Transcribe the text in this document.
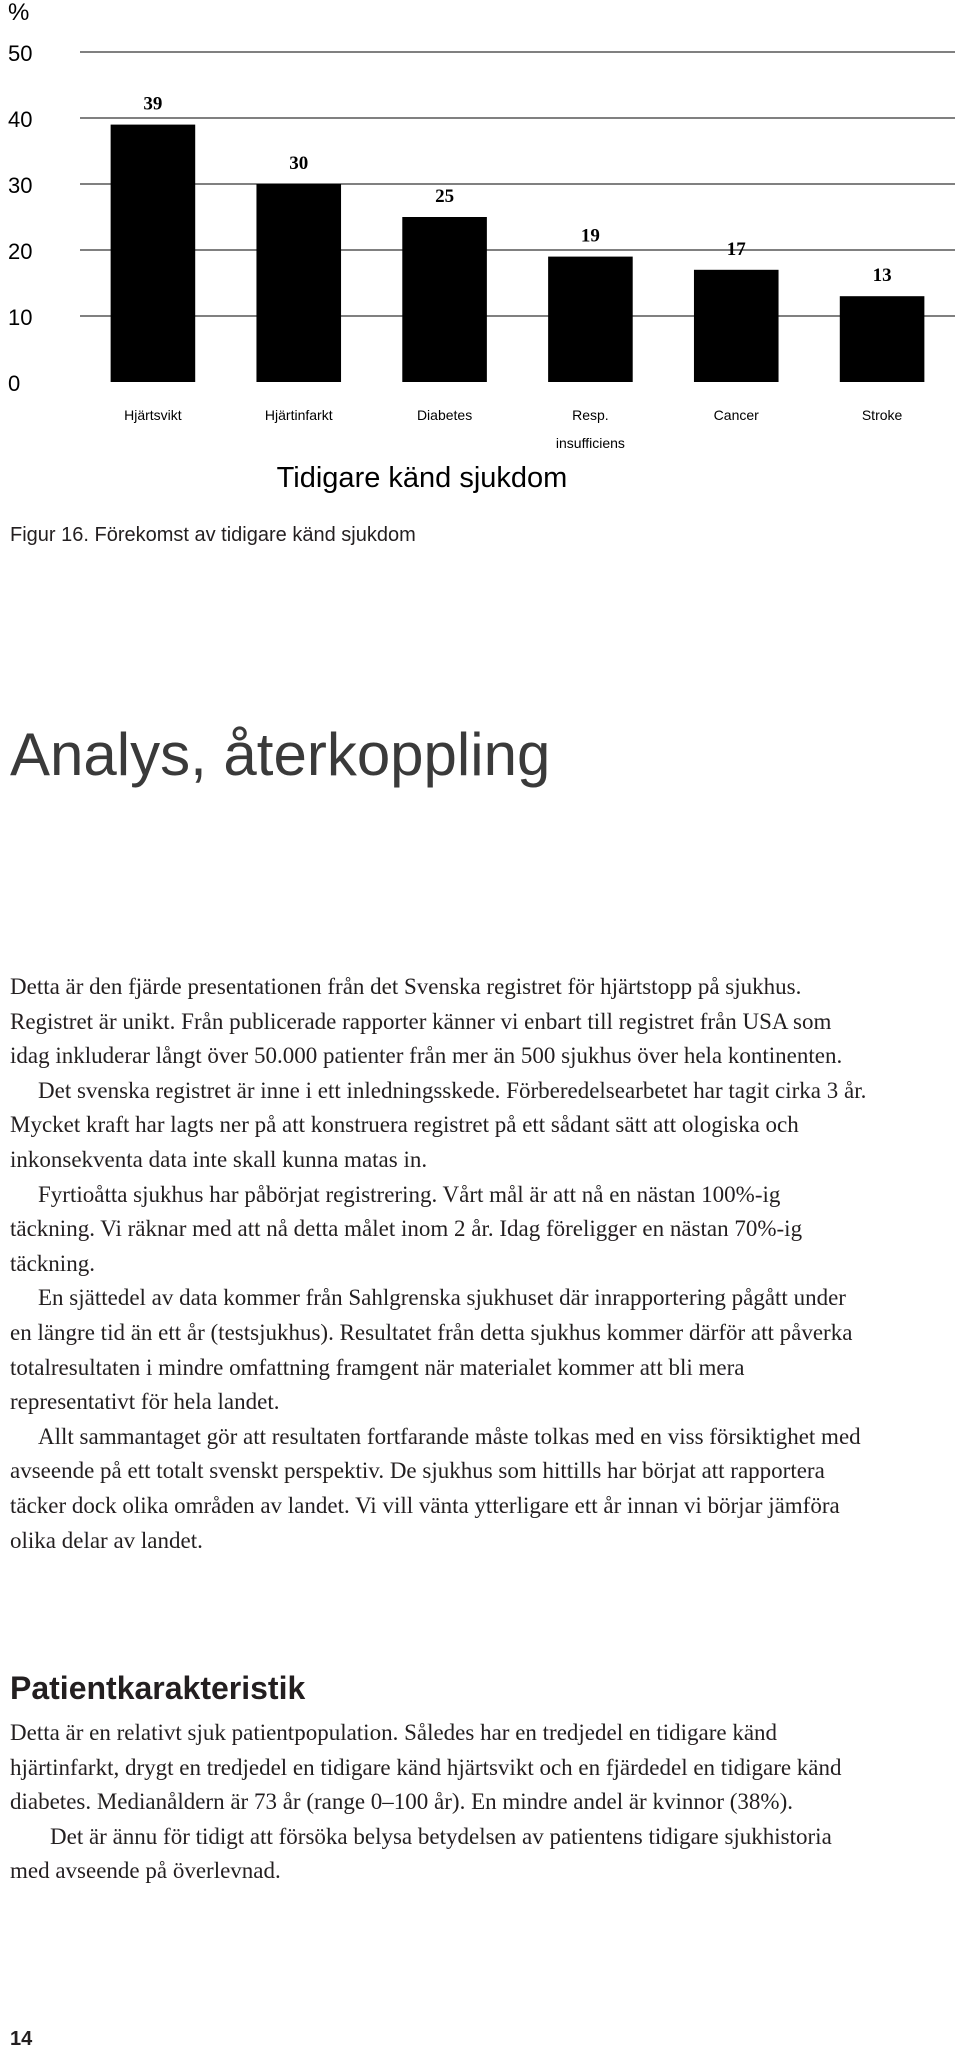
%
0
10
20
30
40
50
39
30
25
19
17
13
Hjärtsvikt	Hjärtinfarkt	Diabetes	Resp.
insufficiens
Cancer	Stroke
Tidigare känd sjukdom
Figur 16. Förekomst av tidigare känd sjukdom
Analys, återkoppling

Detta är den fjärde presentationen från det Svenska registret för hjärtstopp på sjukhus. Registret är unikt. Från publicerade rapporter känner vi enbart till registret från USA som idag inkluderar långt över 50.000 patienter från mer än 500 sjukhus över hela kontinenten.

Det svenska registret är inne i ett inledningsskede. Förberedelsearbetet har tagit cirka 3 år. Mycket kraft har lagts ner på att konstruera registret på ett sådant sätt att ologiska och inkonsekventa data inte skall kunna matas in.

Fyrtioåtta sjukhus har påbörjat registrering. Vårt mål är att nå en nästan 100%-ig täckning. Vi räknar med att nå detta målet inom 2 år. Idag föreligger en nästan 70%-ig täckning.

En sjättedel av data kommer från Sahlgrenska sjukhuset där inrapportering pågått under en längre tid än ett år (testsjukhus). Resultatet från detta sjukhus kommer därför att påverka totalresultaten i mindre omfattning framgent när materialet kommer att bli mera representativt för hela landet.

Allt sammantaget gör att resultaten fortfarande måste tolkas med en viss försiktighet med avseende på ett totalt svenskt perspektiv. De sjukhus som hittills har börjat att rapportera täcker dock olika områden av landet. Vi vill vänta ytterligare ett år innan vi börjar jämföra olika delar av landet.

Patientkarakteristik

Detta är en relativt sjuk patientpopulation. Således har en tredjedel en tidigare känd hjärtinfarkt, drygt en tredjedel en tidigare känd hjärtsvikt och en fjärdedel en tidigare känd diabetes. Medianåldern är 73 år (range 0–100 år). En mindre andel är kvinnor (38%).

Det är ännu för tidigt att försöka belysa betydelsen av patientens tidigare sjukhistoria med avseende på överlevnad.

14
